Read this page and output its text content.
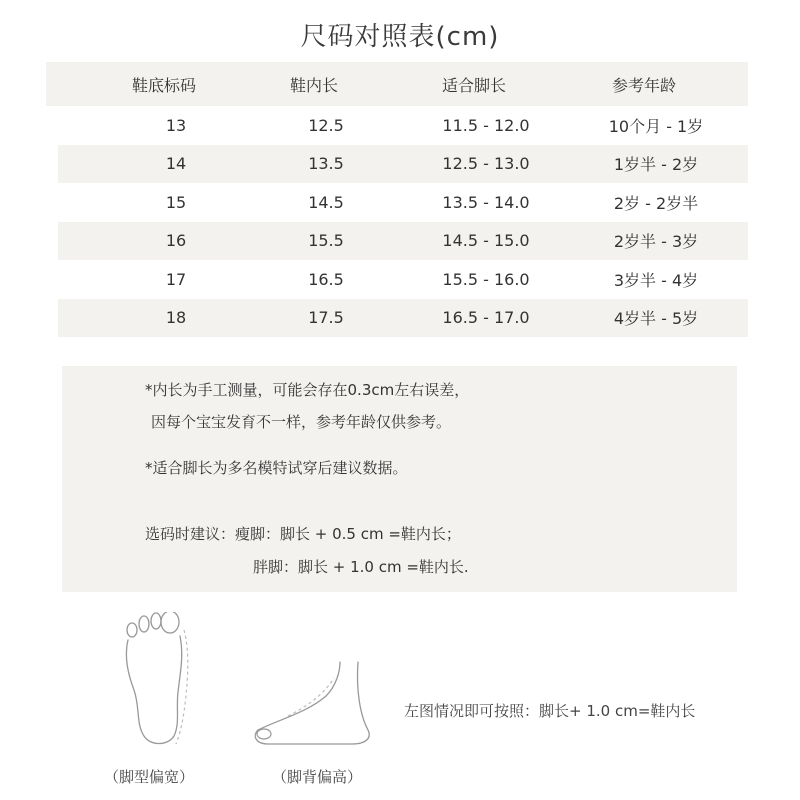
尺码对照表(cm)
鞋底标码	鞋内长	适合脚长	参考年龄
13	12.5	11.5 - 12.0	10个月 - 1岁
14	13.5	12.5 - 13.0	1岁半 - 2岁
15	14.5	13.5 - 14.0	2岁 - 2岁半
16	15.5	14.5 - 15.0	2岁半 - 3岁
17	16.5	15.5 - 16.0	3岁半 - 4岁
18	17.5	16.5 - 17.0	4岁半 - 5岁
*内长为手工测量，可能会存在0.3cm左右误差，
因每个宝宝发育不一样，参考年龄仅供参考。
*适合脚长为多名模特试穿后建议数据。
选码时建议：瘦脚：脚长 + 0.5 cm =鞋内长；
胖脚：脚长 + 1.0 cm =鞋内长.
（脚型偏宽）	（脚背偏高）
左图情况即可按照：脚长+ 1.0 cm=鞋内长
